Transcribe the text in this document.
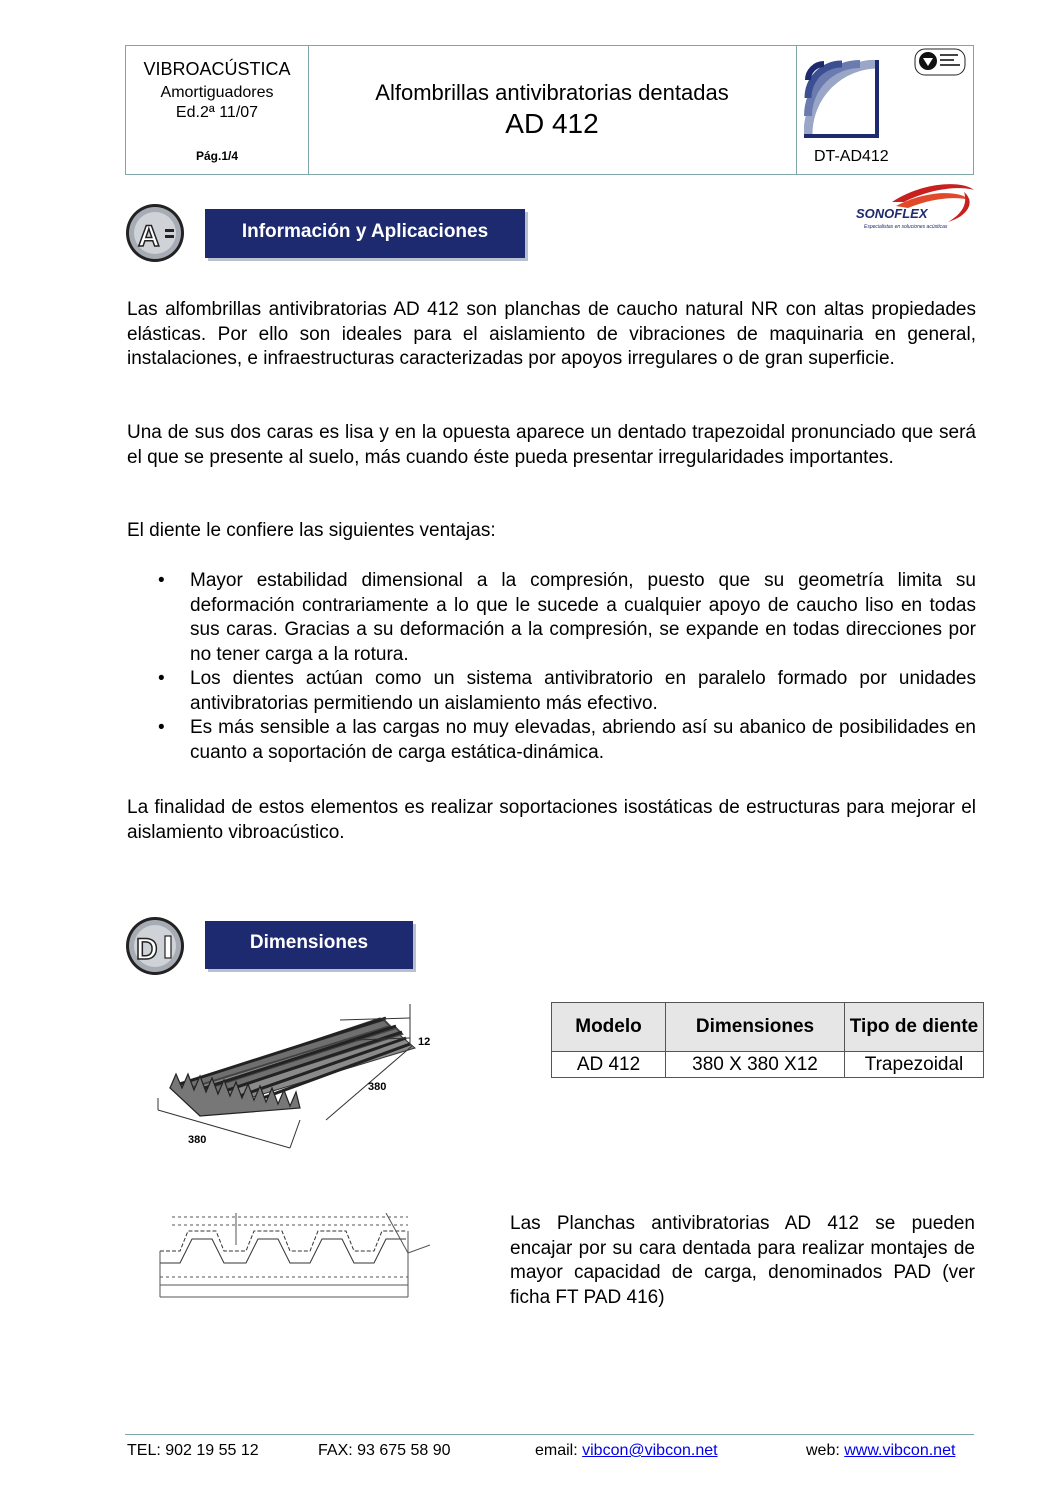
VIBROACÚSTICA
Amortiguadores
Ed.2ª 11/07
Pág.1/4
Alfombrillas antivibratorias dentadas
AD 412
DT-AD412
SONOFLEX
Especialistas en soluciones acústicas
A	Información y Aplicaciones
Las alfombrillas antivibratorias AD 412 son planchas de caucho natural NR con altas propiedades elásticas. Por ello son ideales para el aislamiento de vibraciones de maquinaria en general, instalaciones, e infraestructuras caracterizadas por apoyos irregulares o de gran superficie.
Una de sus dos caras es lisa y en la opuesta aparece un dentado trapezoidal pronunciado que será el que se presente al suelo, más cuando éste pueda presentar irregularidades importantes.
El diente le confiere las siguientes ventajas:
• Mayor estabilidad dimensional a la compresión, puesto que su geometría limita su deformación contrariamente a lo que le sucede a cualquier apoyo de caucho liso en todas sus caras. Gracias a su deformación a la compresión, se expande en todas direcciones por no tener carga a la rotura.
• Los dientes actúan como un sistema antivibratorio en paralelo formado por unidades antivibratorias permitiendo un aislamiento más efectivo.
• Es más sensible a las cargas no muy elevadas, abriendo así su abanico de posibilidades en cuanto a soportación de carga estática-dinámica.
La finalidad de estos elementos es realizar soportaciones isostáticas de estructuras para mejorar el aislamiento vibroacústico.
D	Dimensiones
12
380
380
Modelo	Dimensiones	Tipo de diente
AD 412	380 X 380 X12	Trapezoidal
Las Planchas antivibratorias AD 412 se pueden encajar por su cara dentada para realizar montajes de mayor capacidad de carga, denominados PAD (ver ficha FT PAD 416)
TEL: 902 19 55 12	FAX: 93 675 58 90	email: vibcon@vibcon.net	web: www.vibcon.net
